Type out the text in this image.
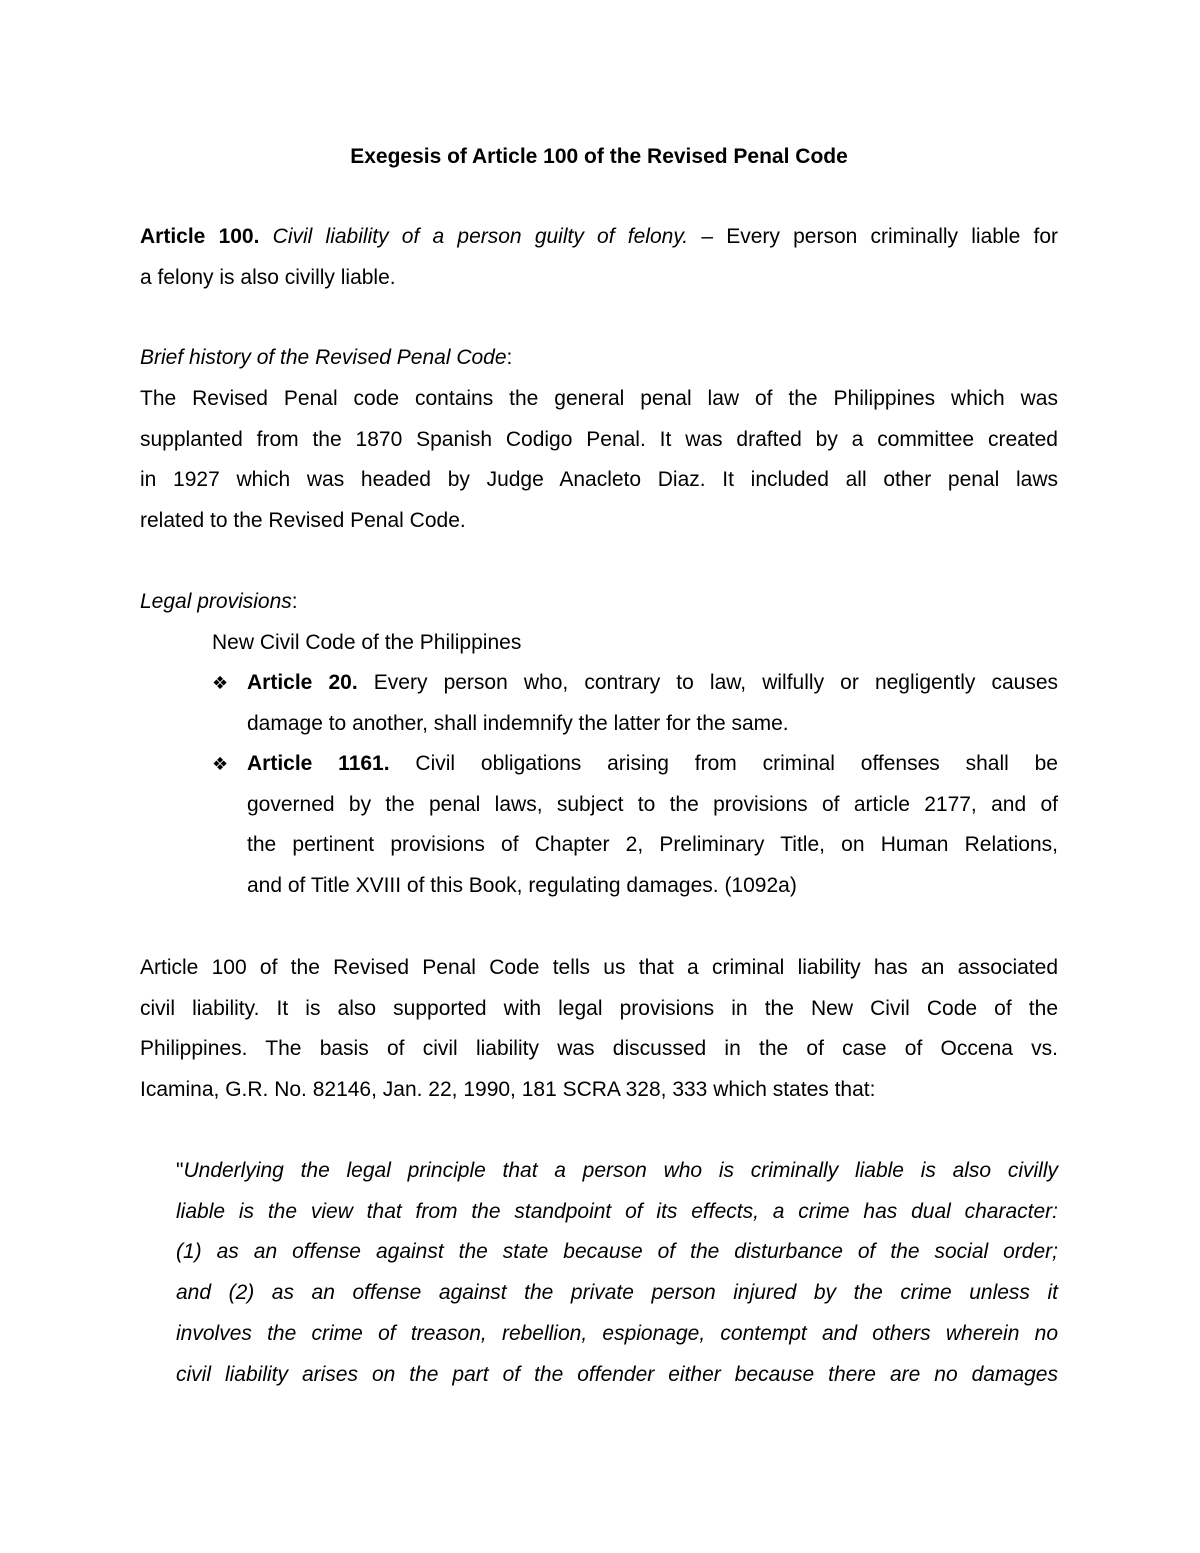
Exegesis of Article 100 of the Revised Penal Code
Article 100. Civil liability of a person guilty of felony. – Every person criminally liable for
a felony is also civilly liable.
Brief history of the Revised Penal Code:
The Revised Penal code contains the general penal law of the Philippines which was
supplanted from the 1870 Spanish Codigo Penal. It was drafted by a committee created
in 1927 which was headed by Judge Anacleto Diaz. It included all other penal laws
related to the Revised Penal Code.
Legal provisions:
New Civil Code of the Philippines
❖ Article 20. Every person who, contrary to law, wilfully or negligently causes
damage to another, shall indemnify the latter for the same.
❖ Article 1161. Civil obligations arising from criminal offenses shall be
governed by the penal laws, subject to the provisions of article 2177, and of
the pertinent provisions of Chapter 2, Preliminary Title, on Human Relations,
and of Title XVIII of this Book, regulating damages. (1092a)
Article 100 of the Revised Penal Code tells us that a criminal liability has an associated
civil liability. It is also supported with legal provisions in the New Civil Code of the
Philippines. The basis of civil liability was discussed in the of case of Occena vs.
Icamina, G.R. No. 82146, Jan. 22, 1990, 181 SCRA 328, 333 which states that:
"Underlying the legal principle that a person who is criminally liable is also civilly
liable is the view that from the standpoint of its effects, a crime has dual character:
(1) as an offense against the state because of the disturbance of the social order;
and (2) as an offense against the private person injured by the crime unless it
involves the crime of treason, rebellion, espionage, contempt and others wherein no
civil liability arises on the part of the offender either because there are no damages
